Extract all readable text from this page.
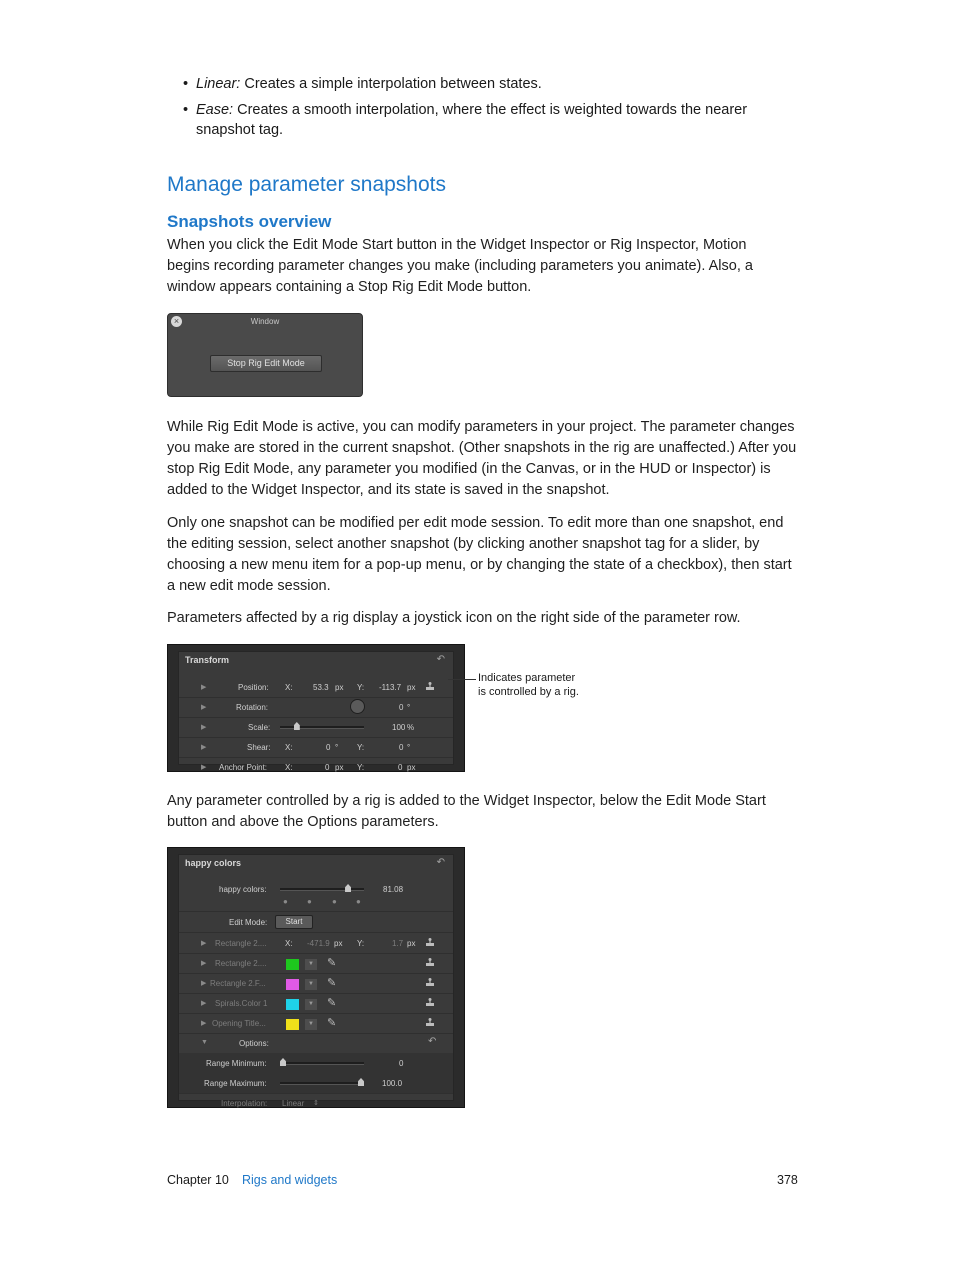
• Linear: Creates a simple interpolation between states.
• Ease: Creates a smooth interpolation, where the effect is weighted towards the nearer snapshot tag.
Manage parameter snapshots
Snapshots overview
When you click the Edit Mode Start button in the Widget Inspector or Rig Inspector, Motion begins recording parameter changes you make (including parameters you animate). Also, a window appears containing a Stop Rig Edit Mode button.
×	Window
Stop Rig Edit Mode
While Rig Edit Mode is active, you can modify parameters in your project. The parameter changes you make are stored in the current snapshot. (Other snapshots in the rig are unaffected.) After you stop Rig Edit Mode, any parameter you modified (in the Canvas, or in the HUD or Inspector) is added to the Widget Inspector, and its state is saved in the snapshot.
Only one snapshot can be modified per edit mode session. To edit more than one snapshot, end the editing session, select another snapshot (by clicking another snapshot tag for a slider, by choosing a new menu item for a pop-up menu, or by changing the state of a checkbox), then start a new edit mode session.
Parameters affected by a rig display a joystick icon on the right side of the parameter row.
Transform	↶
▶	Position: X:	53.3 px Y: -113.7 px
▶	Rotation:	0 °
▶	Scale:	100 %
▶	Shear: X:	0 ° Y:	0 °
▶ Anchor Point: X:	0 px Y:	0 px
Indicates parameter
is controlled by a rig.
Any parameter controlled by a rig is added to the Widget Inspector, below the Edit Mode Start button and above the Options parameters.
happy colors	↶
happy colors:
● ●	● ●
81.08
Edit Mode:	Start
▶ Rectangle 2.... X: -471.9 px Y:	1.7 px
▶ Rectangle 2....	▼ ✎
▶ Rectangle 2.F...	▼ ✎
▶ Spirals.Color 1	▼ ✎
▶ Opening Title...	▼ ✎
▼	Options:	↶
Range Minimum:	0
Range Maximum:	100.0
Interpolation: Linear ⇕
Chapter 10 Rigs and widgets	378
